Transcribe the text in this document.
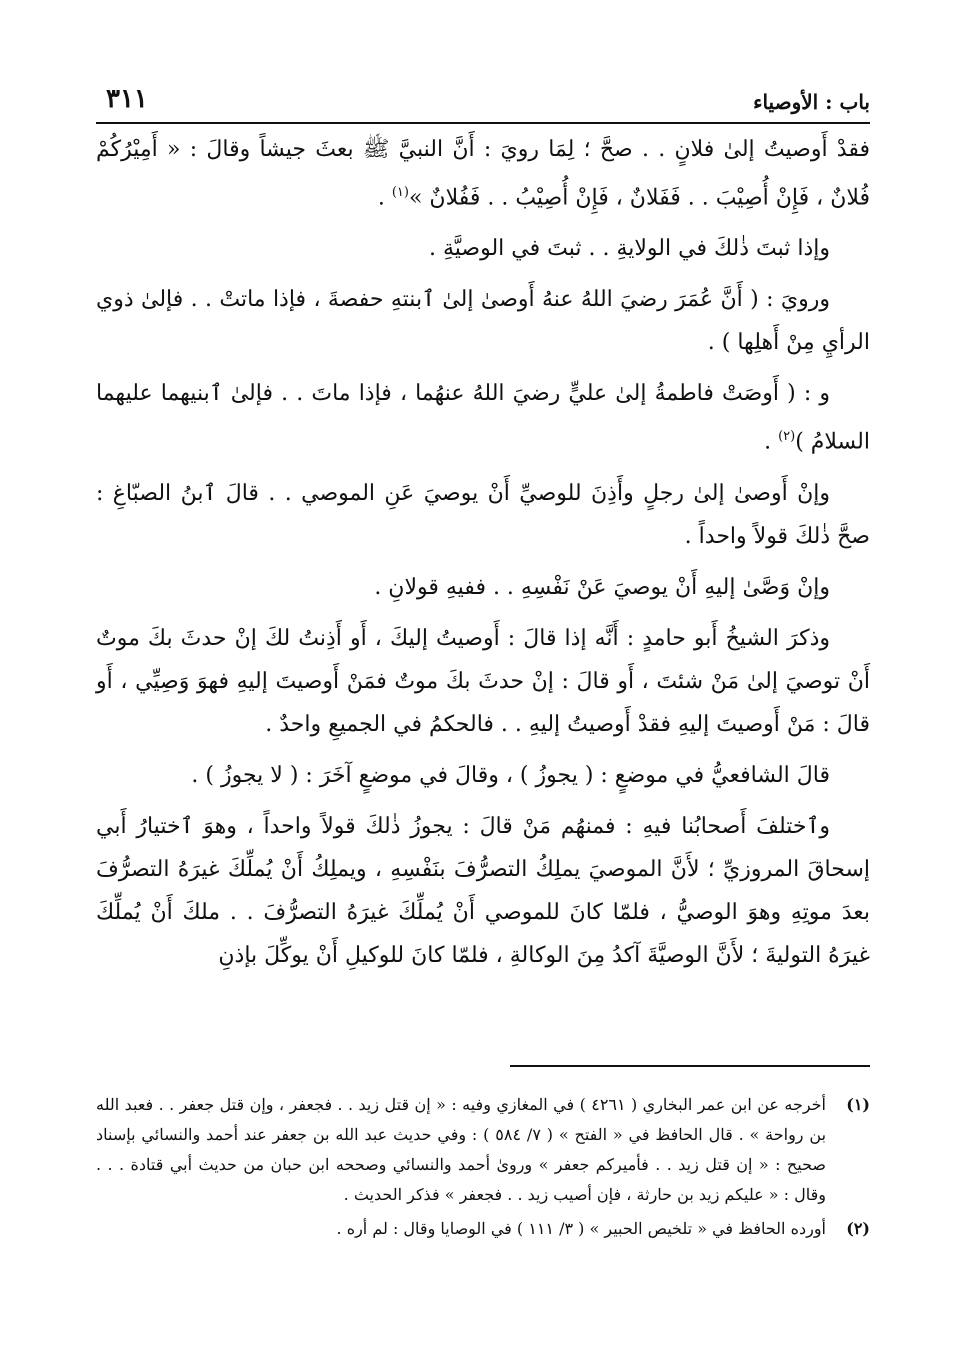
باب : الأوصياء
٣١١

فقدْ أَوصيتُ إلىٰ فلانٍ . . صحَّ ؛ لِمَا رويَ : أَنَّ النبيَّ ﷺ بعثَ جيشاً وقالَ : « أَمِيْرُكُمْ فُلانٌ ، فَإِنْ أُصِيْبَ . . فَفَلانٌ ، فَإِنْ أُصِيْبُ . . فَفُلانٌ »$^{(١)}$ .

وإذا ثبتَ ذٰلكَ في الولايةِ . . ثبتَ في الوصيَّةِ .

ورويَ : ( أَنَّ عُمَرَ رضيَ اللهُ عنهُ أَوصىٰ إلىٰ ٱبنتهِ حفصةَ ، فإذا ماتتْ . . فإلىٰ ذوي الرأيِ مِنْ أَهلِها ) .

و : ( أَوصَتْ فاطمةُ إلىٰ عليٍّ رضيَ اللهُ عنهُما ، فإذا ماتَ . . فإلىٰ ٱبنيهما عليهما السلامُ )$^{(٢)}$ .

وإنْ أَوصىٰ إلىٰ رجلٍ وأَذِنَ للوصيِّ أَنْ يوصيَ عَنِ الموصي . . قالَ ٱبنُ الصبّاغِ : صحَّ ذٰلكَ قولاً واحداً .

وإنْ وَصَّىٰ إليهِ أَنْ يوصيَ عَنْ نَفْسِهِ . . ففيهِ قولانِ .

وذكرَ الشيخُ أَبو حامدٍ : أَنَّه إذا قالَ : أَوصيتُ إليكَ ، أَو أَذِنتُ لكَ إنْ حدثَ بكَ موتٌ أَنْ توصيَ إلىٰ مَنْ شئتَ ، أَو قالَ : إنْ حدثَ بكَ موتٌ فمَنْ أَوصيتَ إليهِ فهوَ وَصِيِّي ، أَو قالَ : مَنْ أَوصيتَ إليهِ فقدْ أَوصيتُ إليهِ . . فالحكمُ في الجميعِ واحدٌ .

قالَ الشافعيُّ في موضعٍ : ( يجوزُ ) ، وقالَ في موضعٍ آخَرَ : ( لا يجوزُ ) .

وٱختلفَ أَصحابُنا فيهِ : فمنهُم مَنْ قالَ : يجوزُ ذٰلكَ قولاً واحداً ، وهوَ ٱختيارُ أَبي إسحاقَ المروزيِّ ؛ لأَنَّ الموصيَ يملِكُ التصرُّفَ بنَفْسِهِ ، ويملِكُ أَنْ يُملِّكَ غيرَهُ التصرُّفَ بعدَ موتِهِ وهوَ الوصيُّ ، فلمّا كانَ للموصي أَنْ يُملِّكَ غيرَهُ التصرُّفَ . . ملكَ أَنْ يُملِّكَ غيرَهُ التوليةَ ؛ لأَنَّ الوصيَّةَ آكدُ مِنَ الوكالةِ ، فلمّا كانَ للوكيلِ أَنْ يوكِّلَ بإذنِ

(١)
أخرجه عن ابن عمر البخاري ( ٤٢٦١ ) في المغازي وفيه : « إن قتل زيد . . فجعفر ، وإن قتل جعفر . . فعبد الله بن رواحة » . قال الحافظ في « الفتح » ( ٧/ ٥٨٤ ) : وفي حديث عبد الله بن جعفر عند أحمد والنسائي بإسناد صحيح : « إن قتل زيد . . فأميركم جعفر » وروىٰ أحمد والنسائي وصححه ابن حبان من حديث أبي قتادة . . . وقال : « عليكم زيد بن حارثة ، فإن أصيب زيد . . فجعفر » فذكر الحديث .
(٢)
أورده الحافظ في « تلخيص الحبير » ( ٣/ ١١١ ) في الوصايا وقال : لم أره .
